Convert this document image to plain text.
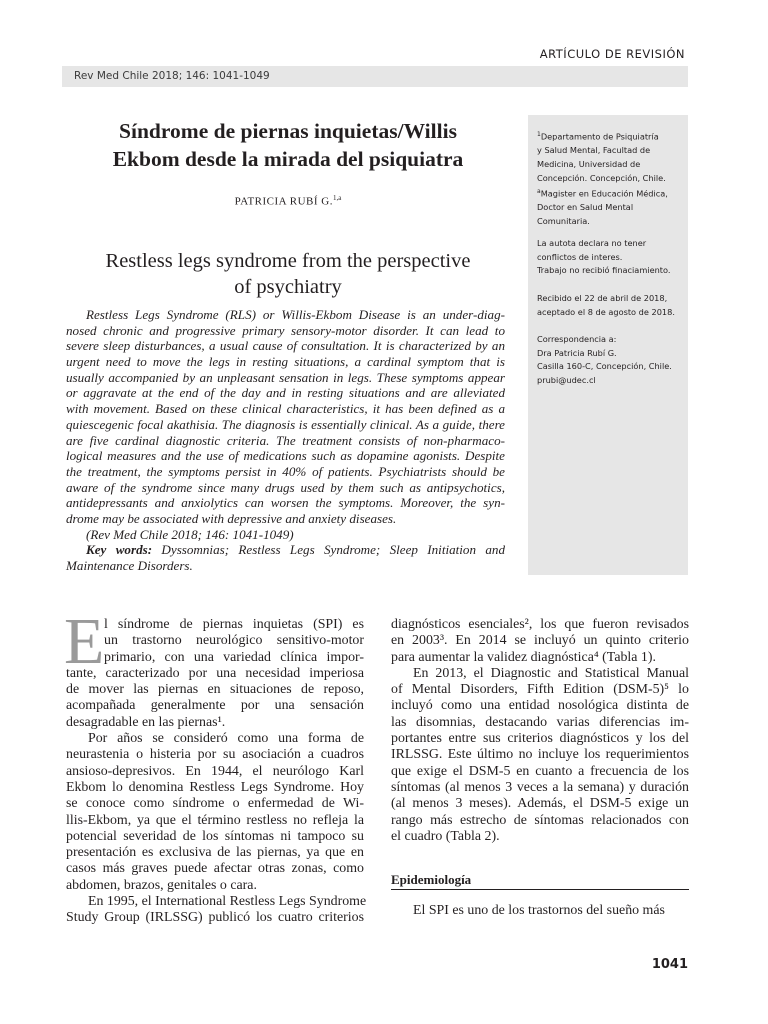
ARTÍCULO DE REVISIÓN
Rev Med Chile 2018; 146: 1041-1049
$^1$Departamento de Psiquiatría
y Salud Mental, Facultad de
Medicina, Universidad de
Concepción. Concepción, Chile.
$^a$Magister en Educación Médica,
Doctor en Salud Mental
Comunitaria.
La autota declara no tener
conflictos de interes.
Trabajo no recibió finaciamiento.
Recibido el 22 de abril de 2018,
aceptado el 8 de agosto de 2018.
Correspondencia a:
Dra Patricia Rubí G.
Casilla 160-C, Concepción, Chile.
prubi@udec.cl
Síndrome de piernas inquietas/Willis
Ekbom desde la mirada del psiquiatra
PATRICIA RUBÍ G.$^{1,a}$
Restless legs syndrome from the perspective
of psychiatry
Restless Legs Syndrome (RLS) or Willis-Ekbom Disease is an under-diag-
nosed chronic and progressive primary sensory-motor disorder. It can lead to
severe sleep disturbances, a usual cause of consultation. It is characterized by an
urgent need to move the legs in resting situations, a cardinal symptom that is
usually accompanied by an unpleasant sensation in legs. These symptoms appear
or aggravate at the end of the day and in resting situations and are alleviated
with movement. Based on these clinical characteristics, it has been defined as a
quiescegenic focal akathisia. The diagnosis is essentially clinical. As a guide, there
are five cardinal diagnostic criteria. The treatment consists of non-pharmaco-
logical measures and the use of medications such as dopamine agonists. Despite
the treatment, the symptoms persist in 40% of patients. Psychiatrists should be
aware of the syndrome since many drugs used by them such as antipsychotics,
antidepressants and anxiolytics can worsen the symptoms. Moreover, the syn-
drome may be associated with depressive and anxiety diseases.
(Rev Med Chile 2018; 146: 1041-1049)
Key words: Dyssomnias; Restless Legs Syndrome; Sleep Initiation and
Maintenance Disorders.
E l síndrome de piernas inquietas (SPI) es
un trastorno neurológico sensitivo-motor
primario, con una variedad clínica impor-
tante, caracterizado por una necesidad imperiosa
de mover las piernas en situaciones de reposo,
acompañada generalmente por una sensación
desagradable en las piernas¹.
Por años se consideró como una forma de
neurastenia o histeria por su asociación a cuadros
ansioso-depresivos. En 1944, el neurólogo Karl
Ekbom lo denomina Restless Legs Syndrome. Hoy
se conoce como síndrome o enfermedad de Wi-
llis-Ekbom, ya que el término restless no refleja la
potencial severidad de los síntomas ni tampoco su
presentación es exclusiva de las piernas, ya que en
casos más graves puede afectar otras zonas, como
abdomen, brazos, genitales o cara.
En 1995, el International Restless Legs Syndrome
Study Group (IRLSSG) publicó los cuatro criterios
diagnósticos esenciales², los que fueron revisados
en 2003³. En 2014 se incluyó un quinto criterio
para aumentar la validez diagnóstica⁴ (Tabla 1).
En 2013, el Diagnostic and Statistical Manual
of Mental Disorders, Fifth Edition (DSM-5)⁵ lo
incluyó como una entidad nosológica distinta de
las disomnias, destacando varias diferencias im-
portantes entre sus criterios diagnósticos y los del
IRLSSG. Este último no incluye los requerimientos
que exige el DSM-5 en cuanto a frecuencia de los
síntomas (al menos 3 veces a la semana) y duración
(al menos 3 meses). Además, el DSM-5 exige un
rango más estrecho de síntomas relacionados con
el cuadro (Tabla 2).
Epidemiología
El SPI es uno de los trastornos del sueño más
1041
